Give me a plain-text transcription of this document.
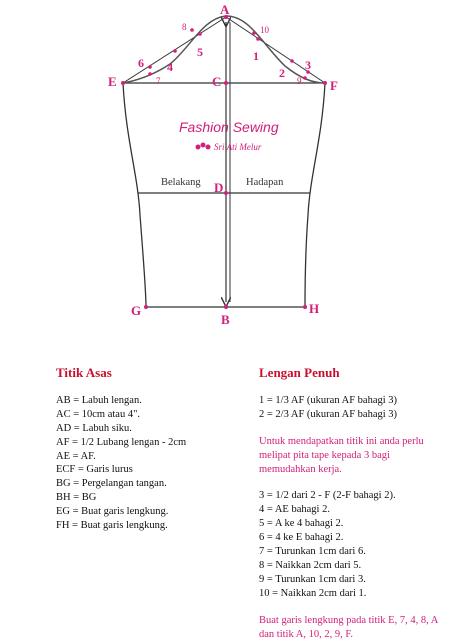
A
C
D
B
E	F
G	H
1
2
3
4
5
6
7
8
9
10
Fashion Sewing
Sri Ati Melur
Belakang	Hadapan
Titik Asas
AB = Labuh lengan.
AC = 10cm atau 4".
AD = Labuh siku.
AF = 1/2 Lubang lengan - 2cm
AE = AF.
ECF = Garis lurus
BG = Pergelangan tangan.
BH = BG
EG = Buat garis lengkung.
FH = Buat garis lengkung.
Lengan Penuh
1 = 1/3 AF (ukuran AF bahagi 3)
2 = 2/3 AF (ukuran AF bahagi 3)
Untuk mendapatkan titik ini anda perlu melipat pita tape kepada 3 bagi memudahkan kerja.
3 = 1/2 dari 2 - F (2-F bahagi 2).
4 = AE bahagi 2.
5 = A ke 4 bahagi 2.
6 = 4 ke E bahagi 2.
7 = Turunkan 1cm dari 6.
8 = Naikkan 2cm dari 5.
9 = Turunkan 1cm dari 3.
10 = Naikkan 2cm dari 1.
Buat garis lengkung pada titik E, 7, 4, 8, A dan titik A, 10, 2, 9, F.
